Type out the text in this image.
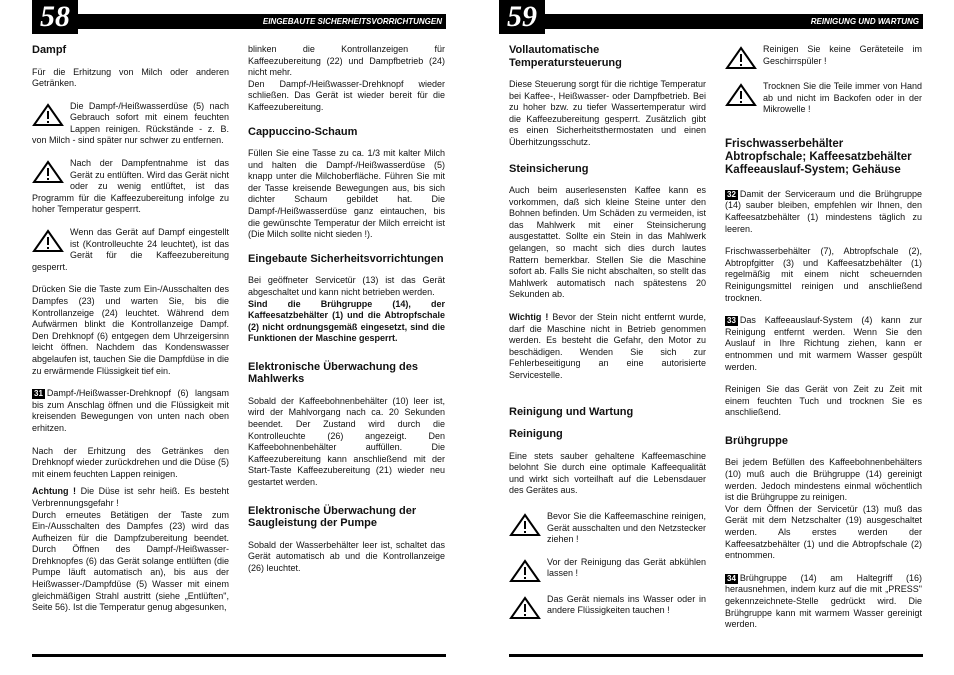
58	EINGEBAUTE SICHERHEITSVORRICHTUNGEN
Dampf

Für die Erhitzung von Milch oder anderen Getränken.

Die Dampf-/Heißwasserdüse (5) nach Gebrauch sofort mit einem feuchten Lappen reinigen. Rückstände - z. B. von Milch - sind später nur schwer zu entfernen.
Nach der Dampfentnahme ist das Gerät zu entlüften. Wird das Gerät nicht oder zu wenig entlüftet, ist das Programm für die Kaffeezubereitung infolge zu hoher Temperatur gesperrt.
Wenn das Gerät auf Dampf eingestellt ist (Kontrolleuchte 24 leuchtet), ist das Gerät für die Kaffeezubereitung gesperrt.

Drücken Sie die Taste zum Ein-/Ausschalten des Dampfes (23) und warten Sie, bis die Kontrollanzeige (24) leuchtet. Während dem Aufwärmen blinkt die Kontrollanzeige Dampf. Den Drehknopf (6) entgegen dem Uhrzeigersinn leicht öffnen. Nachdem das Kondenswasser abgelaufen ist, tauchen Sie die Dampfdüse in die zu erwärmende Flüssigkeit tief ein.

31 Dampf-/Heißwasser-Drehknopf (6) langsam bis zum Anschlag öffnen und die Flüssigkeit mit kreisenden Bewegungen von unten nach oben erhitzen.

Nach der Erhitzung des Getränkes den Drehknopf wieder zurückdrehen und die Düse (5) mit einem feuchten Lappen reinigen.

Achtung ! Die Düse ist sehr heiß. Es besteht Verbrennungsgefahr !

Durch erneutes Betätigen der Taste zum Ein-/Ausschalten des Dampfes (23) wird das Aufheizen für die Dampfzubereitung beendet. Durch Öffnen des Dampf-/Heißwasser-Drehknopfes (6) das Gerät solange entlüften (die Pumpe läuft automatisch an), bis aus der Heißwasser-/Dampfdüse (5) Wasser mit einem gleichmäßigen Strahl austritt (siehe „Entlüften", Seite 56). Ist die Temperatur genug abgesunken,

blinken die Kontrollanzeigen für Kaffeezubereitung (22) und Dampfbetrieb (24) nicht mehr.

Den Dampf-/Heißwasser-Drehknopf wieder schließen. Das Gerät ist wieder bereit für die Kaffeezubereitung.

Cappuccino-Schaum

Füllen Sie eine Tasse zu ca. 1/3 mit kalter Milch und halten die Dampf-/Heißwasserdüse (5) knapp unter die Milchoberfläche. Führen Sie mit der Tasse kreisende Bewegungen aus, bis sich dichter Schaum gebildet hat. Die Dampf-/Heißwasserdüse ganz eintauchen, bis die gewünschte Temperatur der Milch erreicht ist (Die Milch sollte nicht sieden !).

Eingebaute Sicherheitsvorrichtungen

Bei geöffneter Servicetür (13) ist das Gerät abgeschaltet und kann nicht betrieben werden.

Sind die Brühgruppe (14), der Kaffeesatzbehälter (1) und die Abtropfschale (2) nicht ordnungsgemäß eingesetzt, sind die Funktionen der Maschine gesperrt.

Elektronische Überwachung des Mahlwerks

Sobald der Kaffeebohnenbehälter (10) leer ist, wird der Mahlvorgang nach ca. 20 Sekunden beendet. Der Zustand wird durch die Kontrolleuchte (26) angezeigt. Den Kaffeebohnenbehälter auffüllen. Die Kaffeezubereitung kann anschließend mit der Start-Taste Kaffeezubereitung (21) wieder neu gestartet werden.

Elektronische Überwachung der Saugleistung der Pumpe

Sobald der Wasserbehälter leer ist, schaltet das Gerät automatisch ab und die Kontrollanzeige (26) leuchtet.

59	REINIGUNG UND WARTUNG
Vollautomatische Temperatursteuerung

Diese Steuerung sorgt für die richtige Temperatur bei Kaffee-, Heißwasser- oder Dampfbetrieb. Bei zu hoher bzw. zu tiefer Wassertemperatur wird die Kaffeezubereitung gesperrt. Zusätzlich gibt es einen Sicherheitsthermostaten und einen Überhitzungsschutz.

Steinsicherung

Auch beim auserlesensten Kaffee kann es vorkommen, daß sich kleine Steine unter den Bohnen befinden. Um Schäden zu vermeiden, ist das Mahlwerk mit einer Steinsicherung ausgestattet. Sollte ein Stein in das Mahlwerk gelangen, so macht sich dies durch lautes Rattern bemerkbar. Stellen Sie die Maschine sofort ab. Falls Sie nicht abschalten, so stellt das Mahlwerk automatisch nach spätestens 20 Sekunden ab.

Wichtig ! Bevor der Stein nicht entfernt wurde, darf die Maschine nicht in Betrieb genommen werden. Es besteht die Gefahr, den Motor zu beschädigen. Wenden Sie sich zur Fehlerbeseitigung an eine autorisierte Servicestelle.

Reinigung und Wartung
Reinigung

Eine stets sauber gehaltene Kaffeemaschine belohnt Sie durch eine optimale Kaffeequalität und wirkt sich vorteilhaft auf die Lebensdauer des Gerätes aus.

Bevor Sie die Kaffeemaschine reinigen, Gerät ausschalten und den Netzstecker ziehen !
Vor der Reinigung das Gerät abkühlen lassen !
Das Gerät niemals ins Wasser oder in andere Flüssigkeiten tauchen !
Reinigen Sie keine Geräteteile im Geschirrspüler !
Trocknen Sie die Teile immer von Hand ab und nicht im Backofen oder in der Mikrowelle !
Frischwasserbehälter Abtropfschale; Kaffeesatzbehälter Kaffeeauslauf-System; Gehäuse

32 Damit der Serviceraum und die Brühgruppe (14) sauber bleiben, empfehlen wir Ihnen, den Kaffeesatzbehälter (1) mindestens täglich zu leeren.

Frischwasserbehälter (7), Abtropfschale (2), Abtropfgitter (3) und Kaffeesatzbehälter (1) regelmäßig mit einem nicht scheuernden Reinigungsmittel reinigen und anschließend trocknen.

33 Das Kaffeeauslauf-System (4) kann zur Reinigung entfernt werden. Wenn Sie den Auslauf in Ihre Richtung ziehen, kann er entnommen und mit warmem Wasser gespült werden.

Reinigen Sie das Gerät von Zeit zu Zeit mit einem feuchten Tuch und trocknen Sie es anschließend.

Brühgruppe

Bei jedem Befüllen des Kaffeebohnenbehälters (10) muß auch die Brühgruppe (14) gereinigt werden. Jedoch mindestens einmal wöchentlich ist die Brühgruppe zu reinigen.

Vor dem Öffnen der Servicetür (13) muß das Gerät mit dem Netzschalter (19) ausgeschaltet werden. Als erstes werden der Kaffeesatzbehälter (1) und die Abtropfschale (2) entnommen.

34 Brühgruppe (14) am Haltegriff (16) herausnehmen, indem kurz auf die mit „PRESS" gekennzeichnete-Stelle gedrückt wird. Die Brühgruppe kann mit warmem Wasser gereinigt werden.
